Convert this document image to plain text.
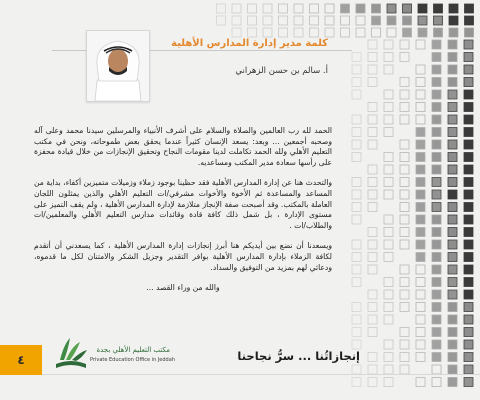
كلمة مدير إدارة المدارس الأهلية
أ. سالم بن حسن الزهراني

الحمد لله رب العالمين والصلاة والسلام على أشرف الأنبياء والمرسلين سيدنا محمد وعلى آله وصحبه أجمعين ... وبعد: يسعد الإنسان كثيراً عندما يحقق بعض طموحاته، ونحن في مكتب التعليم الأهلي ولله الحمد تكاملت لدينا مقومات النجاح وتحقيق الإنجازات من خلال قيادة محفزة على رأسها سعادة مدير المكتب ومساعديه.

والتحدث هنا عن إدارة المدارس الأهلية فقد حظينا بوجود زملاء وزميلات متميزين أكفاء، بداية من المساعد والمساعدة ثم الأخوة والأخوات مشرفي/ات التعليم الأهلي والذين يمثلون اللجان العاملة بالمكتب. وقد أصبحت صفة الإنجاز متلازمة لإدارة المدارس الأهلية ، ولم يقف التميز على مستوى الإدارة ، بل شمل ذلك كافة قادة وقائدات مدارس التعليم الأهلي والمعلمين/ات والطلاب/ات .

ويسعدنا أن نضع بين أيديكم هنا أبرز إنجازات إدارة المدارس الأهلية ، كما يسعدني أن أتقدم لكافة الزملاء بإدارة المدارس الأهلية بوافر التقدير وجزيل الشكر والامتنان لكل ما قدموه، ودعائي لهم بمزيد من التوفيق والسداد.

والله من وراء القصد ...

٤
مكتب التعليم الأهلي بجدة
Private Education Office in Jeddah	إنجازاتُنا ... سرُّ نجاحنا
